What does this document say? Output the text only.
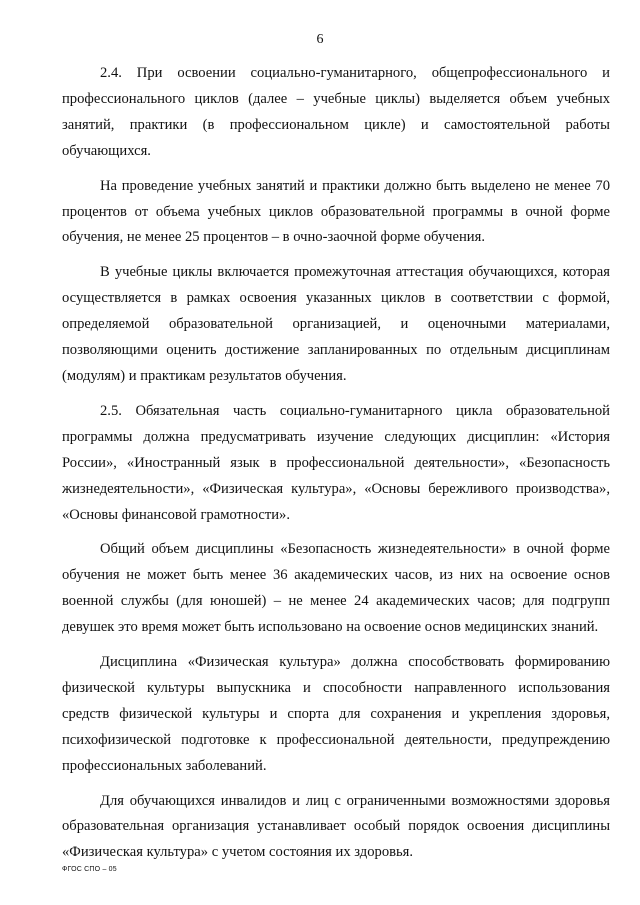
6

2.4. При освоении социально-гуманитарного, общепрофессионального и профессионального циклов (далее – учебные циклы) выделяется объем учебных занятий, практики (в профессиональном цикле) и самостоятельной работы обучающихся.

На проведение учебных занятий и практики должно быть выделено не менее 70 процентов от объема учебных циклов образовательной программы в очной форме обучения, не менее 25 процентов – в очно-заочной форме обучения.

В учебные циклы включается промежуточная аттестация обучающихся, которая осуществляется в рамках освоения указанных циклов в соответствии с формой, определяемой образовательной организацией, и оценочными материалами, позволяющими оценить достижение запланированных по отдельным дисциплинам (модулям) и практикам результатов обучения.

2.5. Обязательная часть социально-гуманитарного цикла образовательной программы должна предусматривать изучение следующих дисциплин: «История России», «Иностранный язык в профессиональной деятельности», «Безопасность жизнедеятельности», «Физическая культура», «Основы бережливого производства», «Основы финансовой грамотности».

Общий объем дисциплины «Безопасность жизнедеятельности» в очной форме обучения не может быть менее 36 академических часов, из них на освоение основ военной службы (для юношей) – не менее 24 академических часов; для подгрупп девушек это время может быть использовано на освоение основ медицинских знаний.

Дисциплина «Физическая культура» должна способствовать формированию физической культуры выпускника и способности направленного использования средств физической культуры и спорта для сохранения и укрепления здоровья, психофизической подготовке к профессиональной деятельности, предупреждению профессиональных заболеваний.

Для обучающихся инвалидов и лиц с ограниченными возможностями здоровья образовательная организация устанавливает особый порядок освоения дисциплины «Физическая культура» с учетом состояния их здоровья.

ФГОС СПО – 05
